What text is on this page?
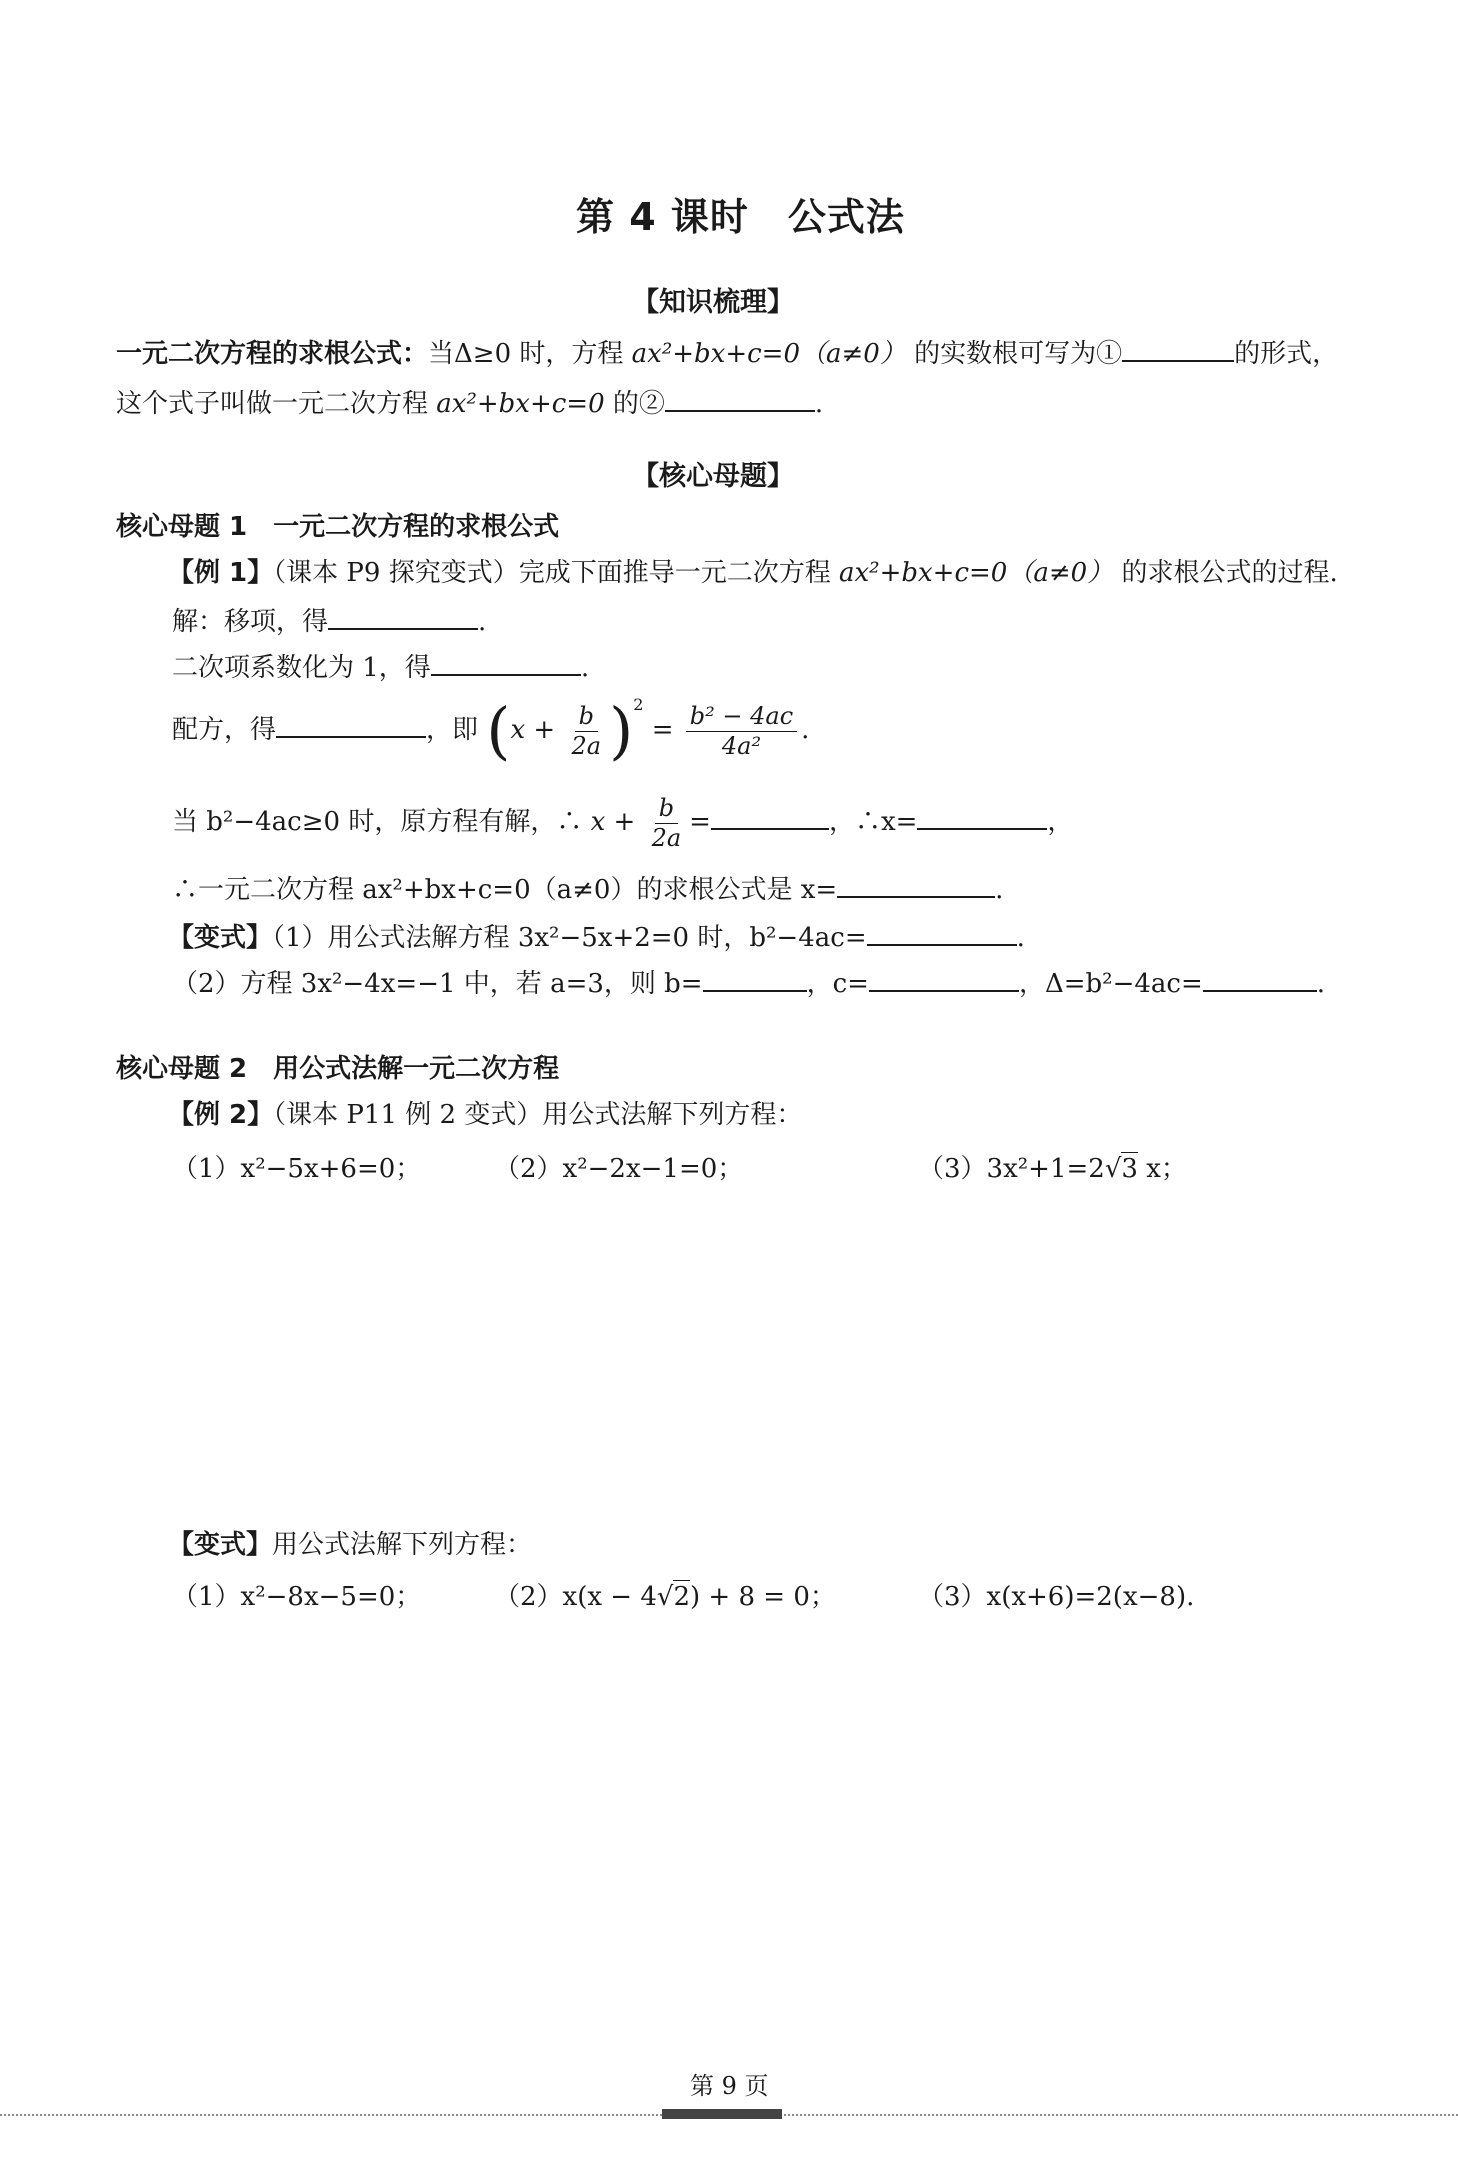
第 4 课时　公式法
【知识梳理】
一元二次方程的求根公式：当Δ≥0 时，方程 ax²+bx+c=0（a≠0） 的实数根可写为①	的形式，
这个式子叫做一元二次方程 ax²+bx+c=0 的②	.
【核心母题】
核心母题 1　一元二次方程的求根公式
【例 1】（课本 P9 探究变式）完成下面推导一元二次方程 ax²+bx+c=0（a≠0） 的求根公式的过程.
解：移项，得	.
二次项系数化为 1，得	.
配方，得	，即 $(x + \frac{b}{2a} )^2 = \frac{\text{b² − 4ac}}{\text{4a²}}$ .
当 b²−4ac≥0 时，原方程有解，∴ $x + \frac{b}{2a}$ =	，∴x=	，
∴一元二次方程 ax²+bx+c=0（a≠0）的求根公式是 x=	.
【变式】（1）用公式法解方程 3x²−5x+2=0 时，b²−4ac=	.
（2）方程 3x²−4x=−1 中，若 a=3，则 b=	，c=	，Δ=b²−4ac=	.
核心母题 2　用公式法解一元二次方程
【例 2】（课本 P11 例 2 变式）用公式法解下列方程：
（1）x²−5x+6=0；	（2）x²−2x−1=0；	（3）3x²+1=2√3 x；
【变式】用公式法解下列方程：
（1）x²−8x−5=0；	（2）x(x − 4√2) + 8 = 0；	（3）x(x+6)=2(x−8).
第 9 页
